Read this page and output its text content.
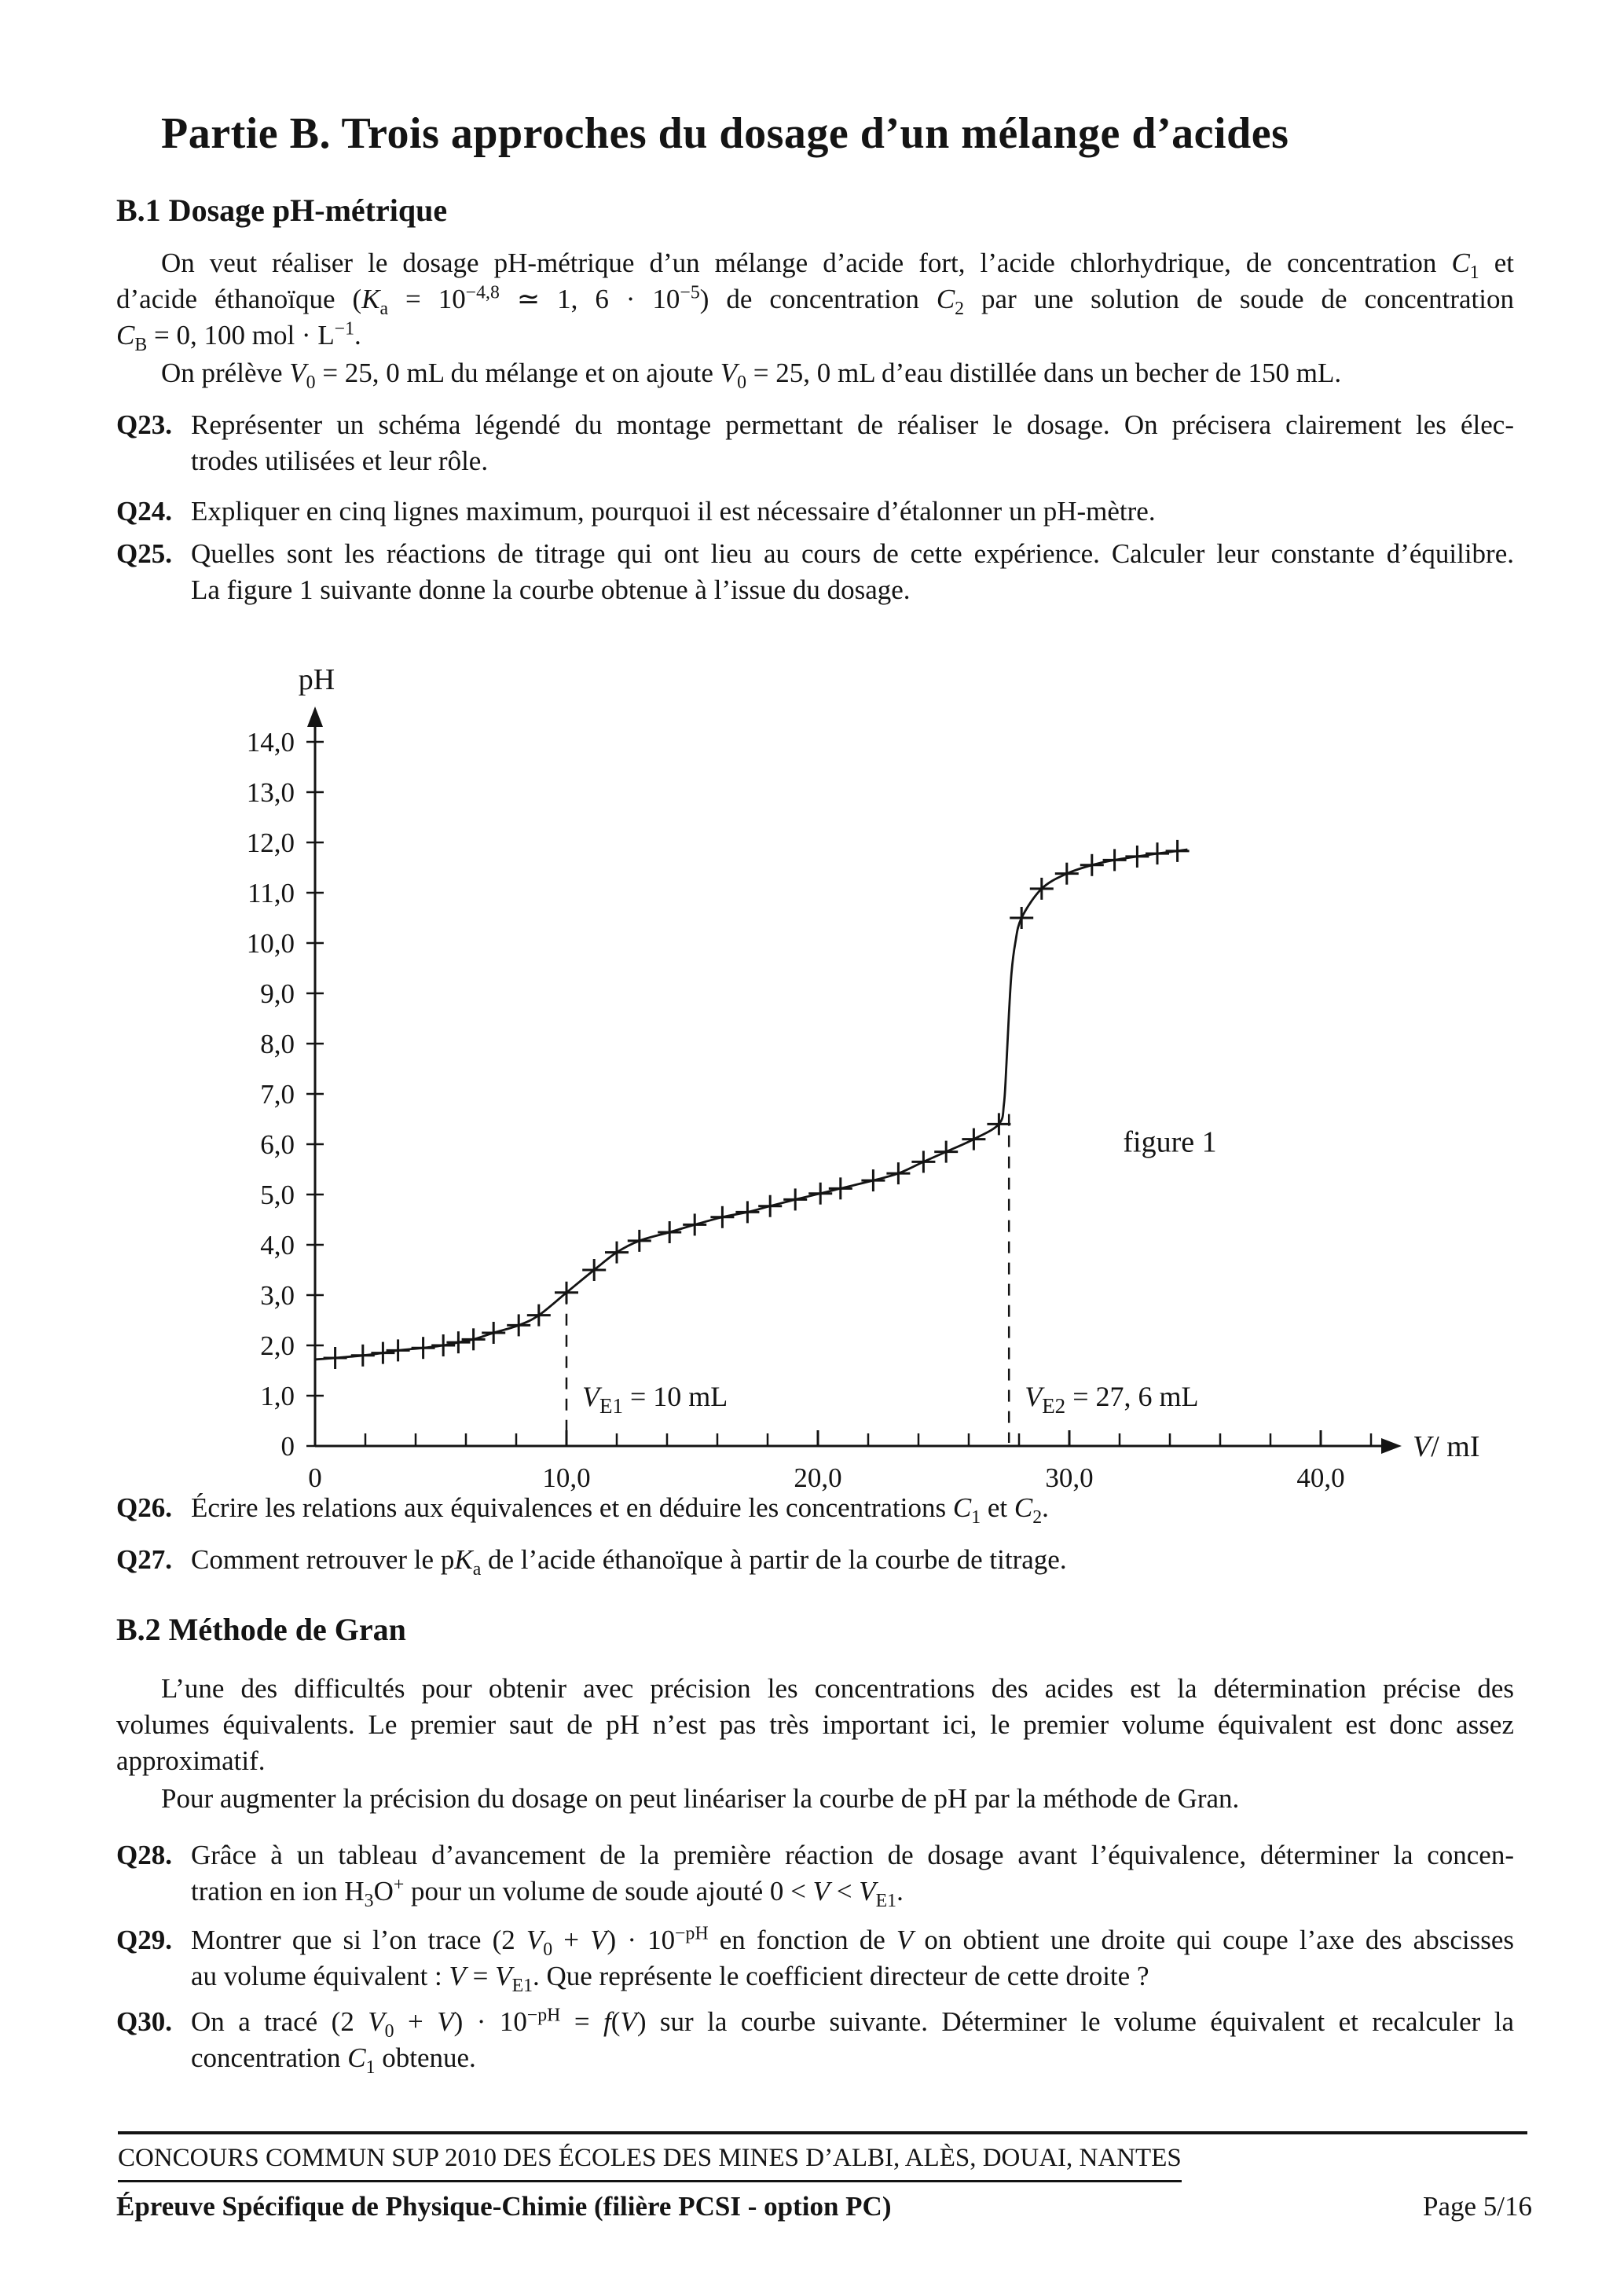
Partie B. Trois approches du dosage d’un mélange d’acides
B.1 Dosage pH-métrique
On veut réaliser le dosage pH-métrique d’un mélange d’acide fort, l’acide chlorhydrique, de concentration $C_1$ et
d’acide éthanoïque ($K_a = 10^{-4,8}$ ≃ 1, $6 \cdot 10^{-5}$) de concentration $C_2$ par une solution de soude de concentration
$C_B = 0$, 100 mol · $L^{-1}$.
On prélève $V_0 = 25$, 0 mL du mélange et on ajoute $V_0 = 25$, 0 mL d’eau distillée dans un becher de 150 mL.
Q23. Représenter un schéma légendé du montage permettant de réaliser le dosage. On précisera clairement les élec-
trodes utilisées et leur rôle.
Q24. Expliquer en cinq lignes maximum, pourquoi il est nécessaire d’étalonner un pH-mètre.
Q25. Quelles sont les réactions de titrage qui ont lieu au cours de cette expérience. Calculer leur constante d’équilibre.
La figure 1 suivante donne la courbe obtenue à l’issue du dosage.
0
1,0
2,0
3,0
4,0
5,0
6,0
7,0
8,0
9,0
10,0
11,0
12,0
13,0
14,0
0	10,0	20,0	30,0	40,0
pH
V/ mI
$V_{E1} = 10$ mL	$V_{E2} = 27$, 6 mL
figure 1
Q26. Écrire les relations aux équivalences et en déduire les concentrations $C_1$ et $C_2$.
Q27. Comment retrouver le $pK_a$ de l’acide éthanoïque à partir de la courbe de titrage.
B.2 Méthode de Gran
L’une des difficultés pour obtenir avec précision les concentrations des acides est la détermination précise des
volumes équivalents. Le premier saut de pH n’est pas très important ici, le premier volume équivalent est donc assez
approximatif.
Pour augmenter la précision du dosage on peut linéariser la courbe de pH par la méthode de Gran.
Q28. Grâce à un tableau d’avancement de la première réaction de dosage avant l’équivalence, déterminer la concen-
tration en ion $H_3O^+$ pour un volume de soude ajouté $0 < V < V_{E1}$.
Q29. Montrer que si l’on trace (2 $V_0 + V) \cdot 10^{-pH}$ en fonction de V on obtient une droite qui coupe l’axe des abscisses
au volume équivalent : $V = V_{E1}$. Que représente le coefficient directeur de cette droite ?
Q30. On a tracé (2 $V_0 + V) \cdot 10^{-pH} = f(V)$ sur la courbe suivante. Déterminer le volume équivalent et recalculer la
concentration $C_1$ obtenue.
CONCOURS COMMUN SUP 2010 DES ÉCOLES DES MINES D’ALBI, ALÈS, DOUAI, NANTES
Épreuve Spécifique de Physique-Chimie (filière PCSI - option PC)	Page 5/16
